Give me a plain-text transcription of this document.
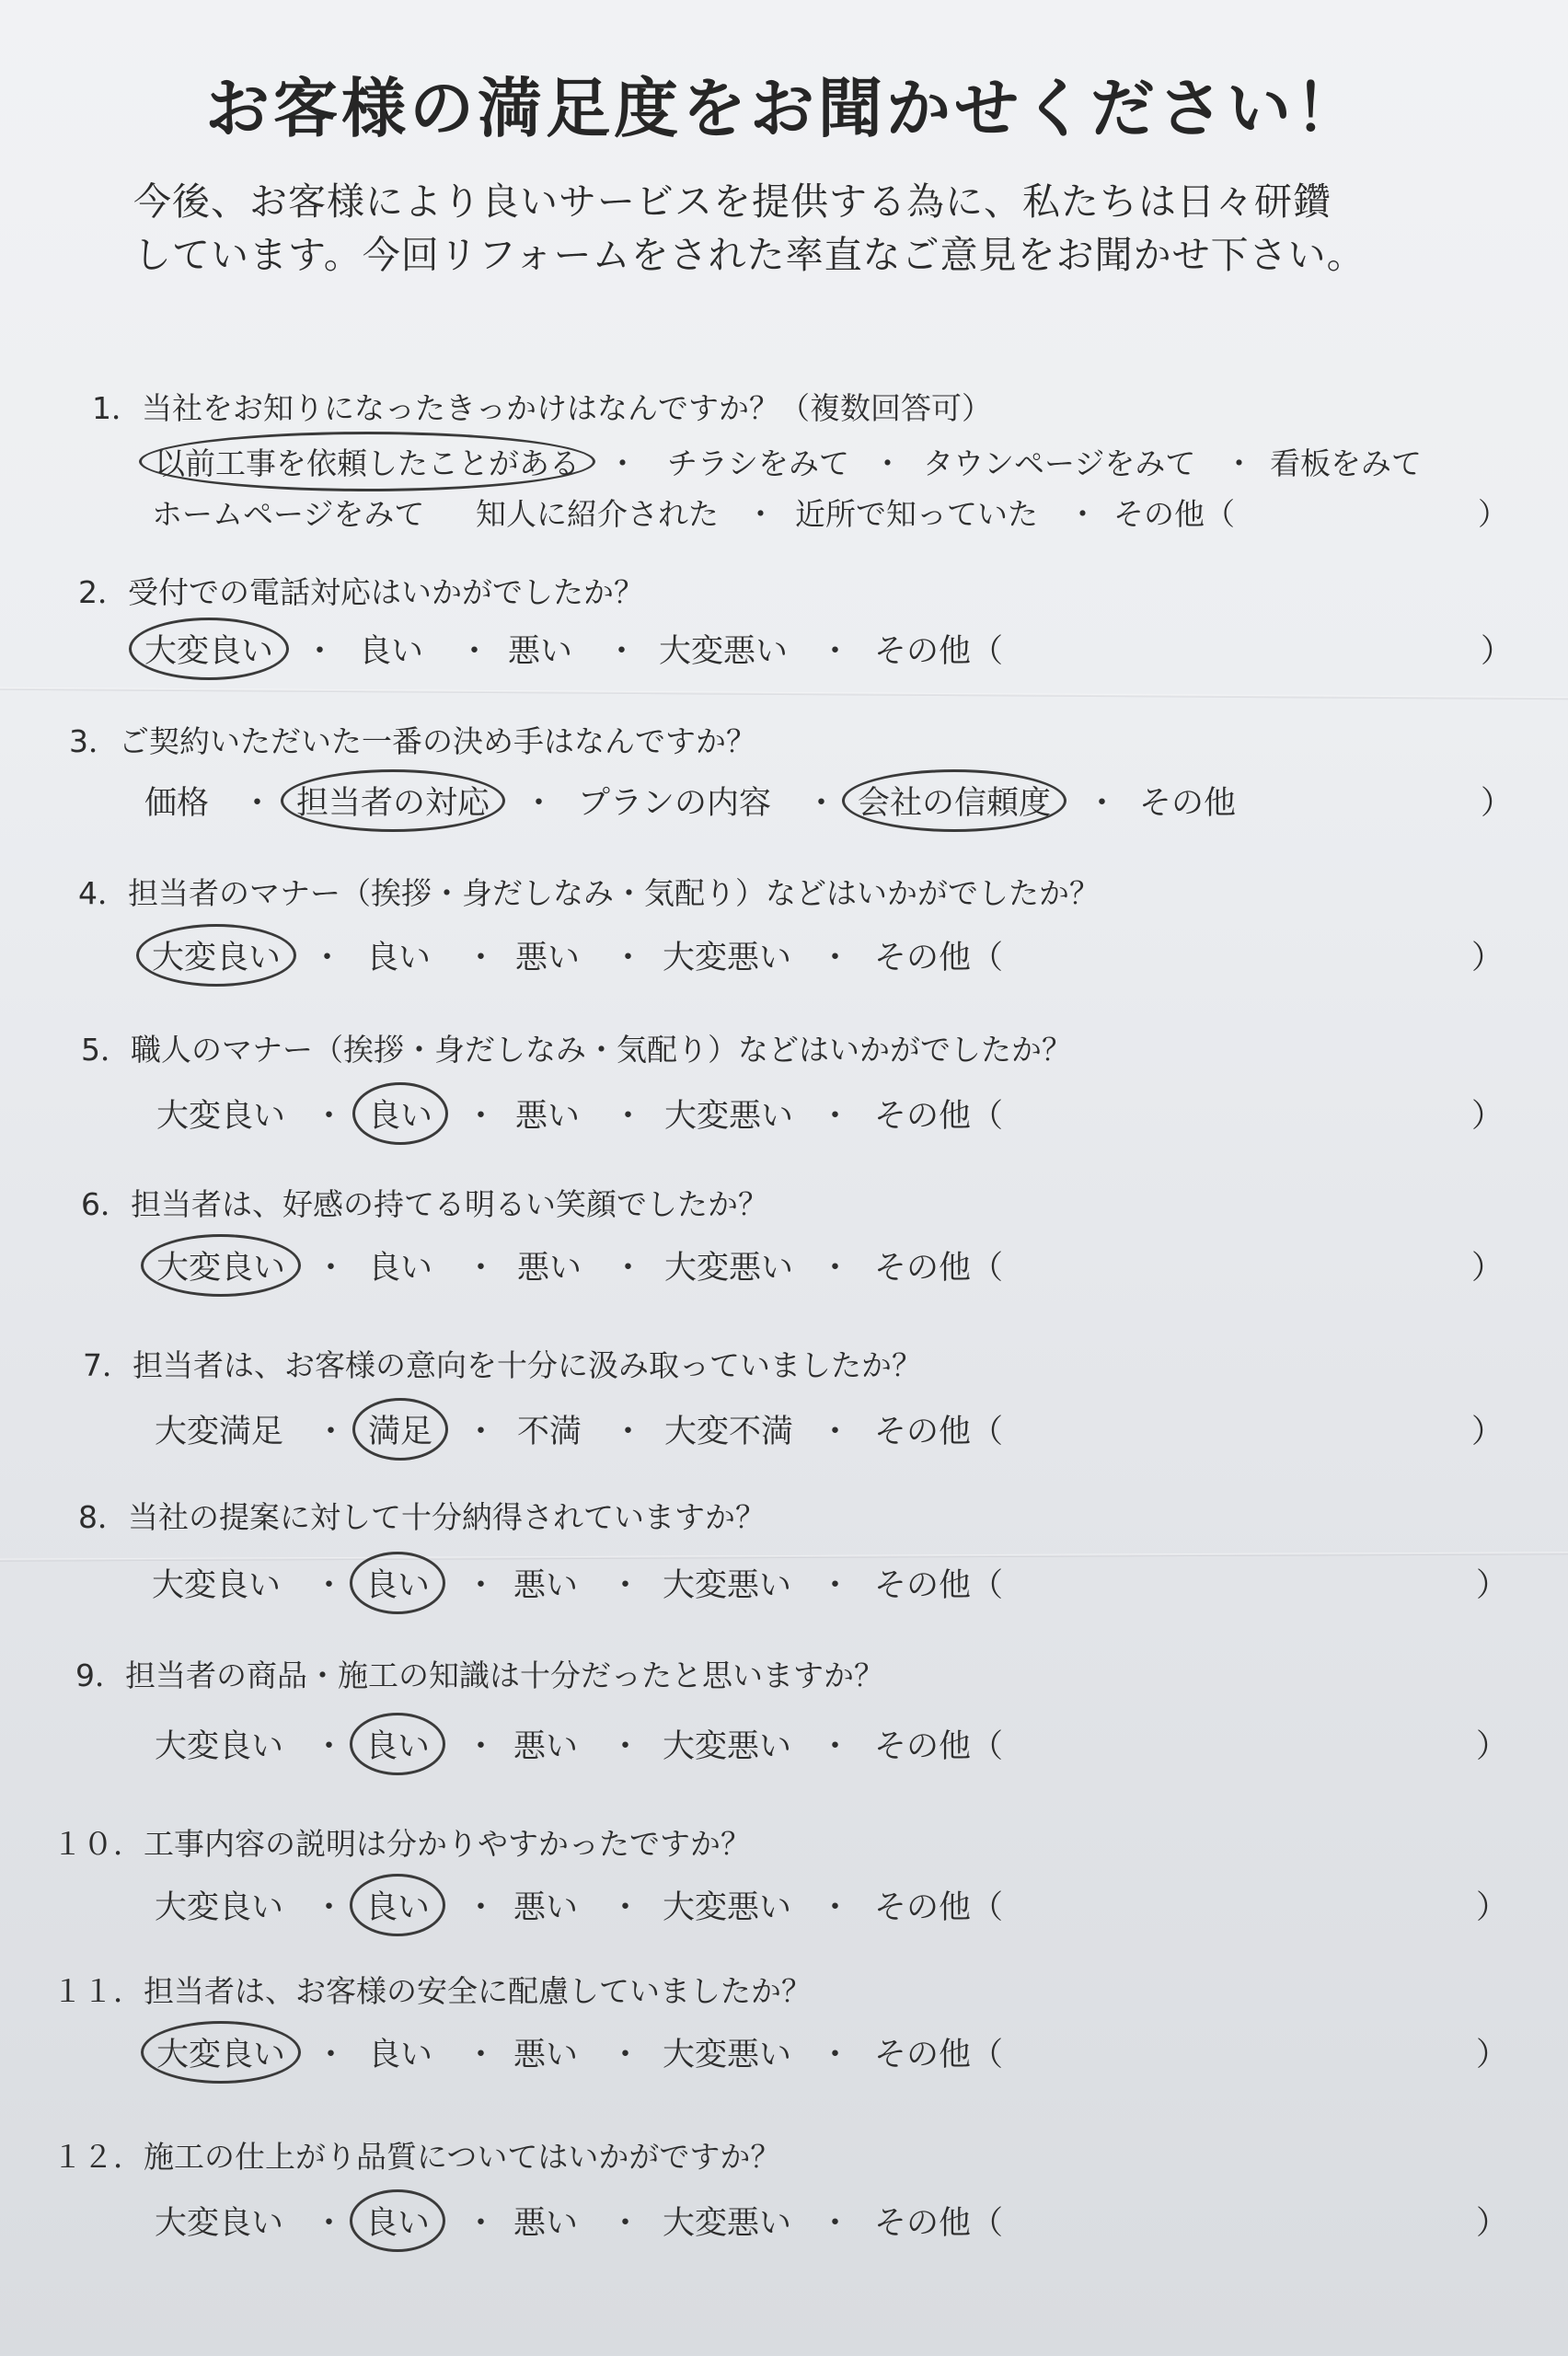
お客様の満足度をお聞かせください！
今後、お客様により良いサービスを提供する為に、私たちは日々研鑽
しています。今回リフォームをされた率直なご意見をお聞かせ下さい。
1．当社をお知りになったきっかけはなんですか？（複数回答可）
以前工事を依頼したことがある ・ チラシをみて ・ タウンページをみて ・ 看板をみて
ホームページをみて 知人に紹介された ・ 近所で知っていた ・ その他（	）
2．受付での電話対応はいかがでしたか？
大変良い ・ 良い ・ 悪い ・ 大変悪い ・ その他（	）
3．ご契約いただいた一番の決め手はなんですか？
価格 ・ 担当者の対応	・ プランの内容 ・ 会社の信頼度	・ その他	）
4．担当者のマナー（挨拶・身だしなみ・気配り）などはいかがでしたか？
大変良い ・ 良い ・ 悪い ・ 大変悪い ・ その他（	）
5．職人のマナー（挨拶・身だしなみ・気配り）などはいかがでしたか？
大変良い ・ 良い ・ 悪い ・ 大変悪い ・ その他（	）
6．担当者は、好感の持てる明るい笑顔でしたか？
大変良い ・ 良い ・ 悪い ・ 大変悪い ・ その他（	）
7．担当者は、お客様の意向を十分に汲み取っていましたか？
大変満足 ・ 満足 ・ 不満 ・ 大変不満 ・ その他（	）
8．当社の提案に対して十分納得されていますか？
大変良い ・ 良い	・ 悪い ・ 大変悪い ・ その他（	）
9．担当者の商品・施工の知識は十分だったと思いますか？
大変良い ・ 良い	・ 悪い ・ 大変悪い ・ その他（	）
１０．工事内容の説明は分かりやすかったですか？
大変良い ・ 良い	・ 悪い ・ 大変悪い ・ その他（	）
１１．担当者は、お客様の安全に配慮していましたか？
大変良い ・ 良い ・ 悪い ・ 大変悪い ・ その他（	）
１２．施工の仕上がり品質についてはいかがですか？
大変良い ・ 良い	・ 悪い ・ 大変悪い ・ その他（	）
